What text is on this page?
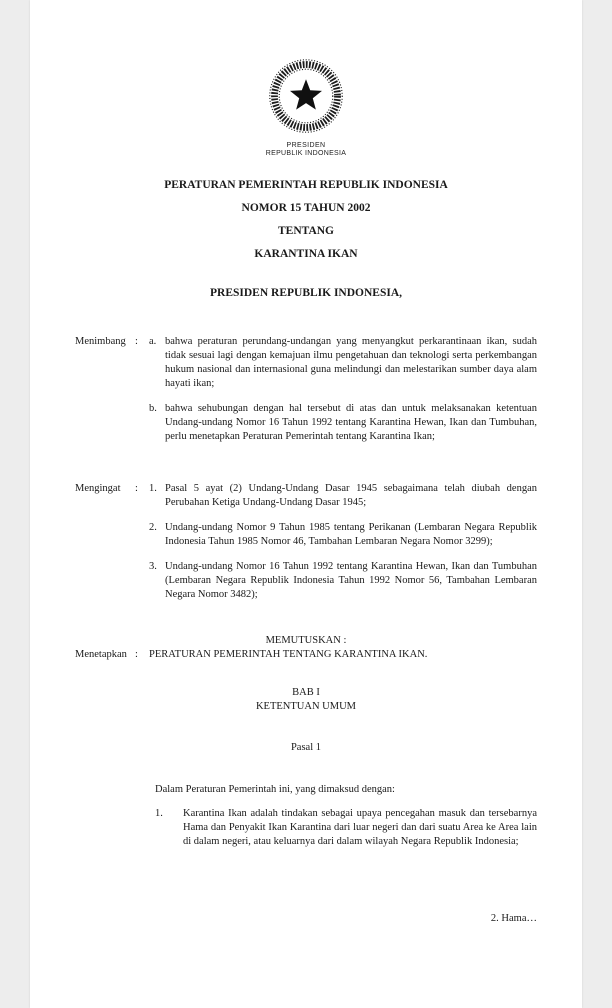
PRESIDEN
REPUBLIK INDONESIA
PERATURAN PEMERINTAH REPUBLIK INDONESIA
NOMOR 15 TAHUN 2002
TENTANG
KARANTINA IKAN
PRESIDEN REPUBLIK INDONESIA,
Menimbang :	a. bahwa peraturan perundang-undangan yang menyangkut perkarantinaan ikan, sudah tidak sesuai lagi dengan kemajuan ilmu pengetahuan dan teknologi serta perkembangan hukum nasional dan internasional guna melindungi dan melestarikan sumber daya alam hayati ikan;
b. bahwa sehubungan dengan hal tersebut di atas dan untuk melaksanakan ketentuan Undang-undang Nomor 16 Tahun 1992 tentang Karantina Hewan, Ikan dan Tumbuhan, perlu menetapkan Peraturan Pemerintah tentang Karantina Ikan;
Mengingat	:	1. Pasal 5 ayat (2) Undang-Undang Dasar 1945 sebagaimana telah diubah dengan Perubahan Ketiga Undang-Undang Dasar 1945;
2. Undang-undang Nomor 9 Tahun 1985 tentang Perikanan (Lembaran Negara Republik Indonesia Tahun 1985 Nomor 46, Tambahan Lembaran Negara Nomor 3299);
3. Undang-undang Nomor 16 Tahun 1992 tentang Karantina Hewan, Ikan dan Tumbuhan (Lembaran Negara Republik Indonesia Tahun 1992 Nomor 56, Tambahan Lembaran Negara Nomor 3482);
MEMUTUSKAN :
Menetapkan :	PERATURAN PEMERINTAH TENTANG KARANTINA IKAN.
BAB I
KETENTUAN UMUM
Pasal 1
Dalam Peraturan Pemerintah ini, yang dimaksud dengan:
1.	Karantina Ikan adalah tindakan sebagai upaya pencegahan masuk dan tersebarnya Hama dan Penyakit Ikan Karantina dari luar negeri dan dari suatu Area ke Area lain di dalam negeri, atau keluarnya dari dalam wilayah Negara Republik Indonesia;
2. Hama…
